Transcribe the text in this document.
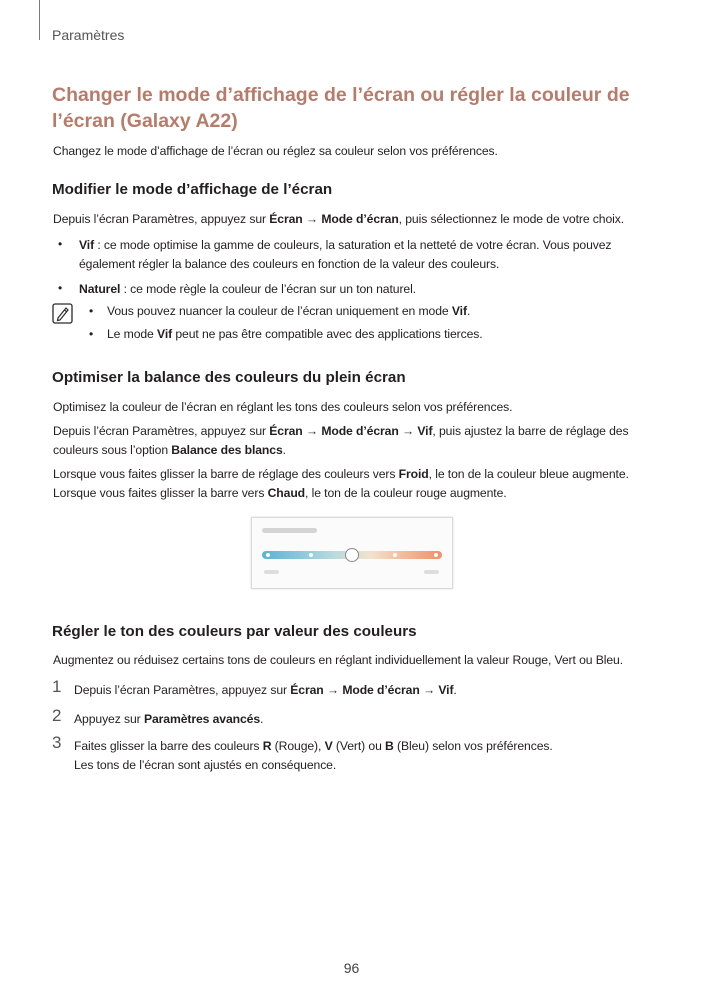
Paramètres
Changer le mode d’affichage de l’écran ou régler la couleur de l’écran (Galaxy A22)

Changez le mode d’affichage de l’écran ou réglez sa couleur selon vos préférences.

Modifier le mode d’affichage de l’écran

Depuis l’écran Paramètres, appuyez sur Écran → Mode d’écran, puis sélectionnez le mode de votre choix.

• Vif : ce mode optimise la gamme de couleurs, la saturation et la netteté de votre écran. Vous pouvez

également régler la balance des couleurs en fonction de la valeur des couleurs.

• Naturel : ce mode règle la couleur de l’écran sur un ton naturel.

• Vous pouvez nuancer la couleur de l’écran uniquement en mode Vif.

• Le mode Vif peut ne pas être compatible avec des applications tierces.

Optimiser la balance des couleurs du plein écran

Optimisez la couleur de l’écran en réglant les tons des couleurs selon vos préférences.

Depuis l’écran Paramètres, appuyez sur Écran → Mode d’écran → Vif, puis ajustez la barre de réglage des

couleurs sous l’option Balance des blancs.

Lorsque vous faites glisser la barre de réglage des couleurs vers Froid, le ton de la couleur bleue augmente.

Lorsque vous faites glisser la barre vers Chaud, le ton de la couleur rouge augmente.

Régler le ton des couleurs par valeur des couleurs

Augmentez ou réduisez certains tons de couleurs en réglant individuellement la valeur Rouge, Vert ou Bleu.

1 Depuis l’écran Paramètres, appuyez sur Écran → Mode d’écran → Vif.

2 Appuyez sur Paramètres avancés.

3 Faites glisser la barre des couleurs R (Rouge), V (Vert) ou B (Bleu) selon vos préférences.

Les tons de l’écran sont ajustés en conséquence.

96
